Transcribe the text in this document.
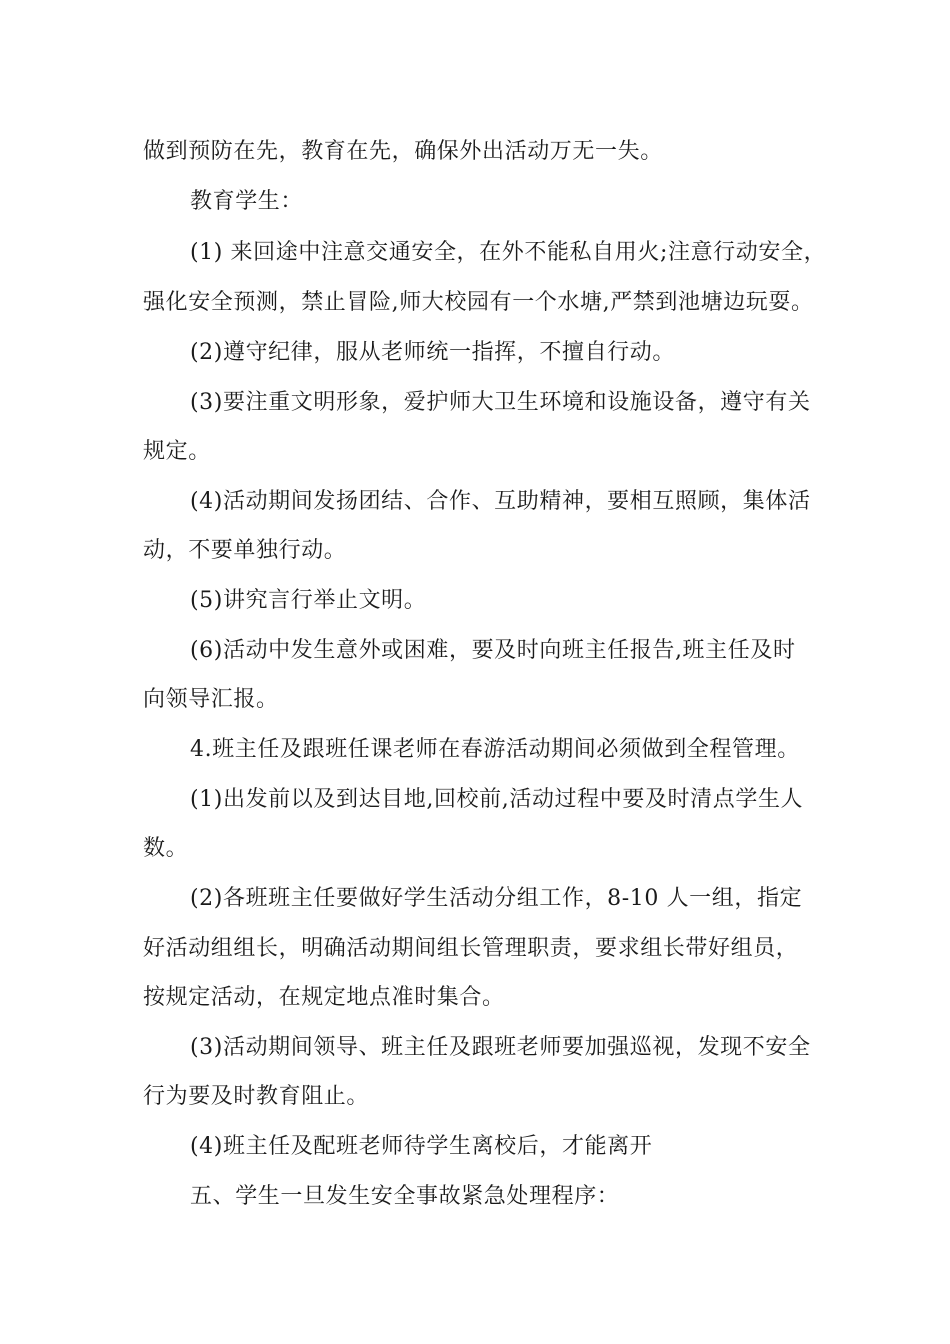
做到预防在先，教育在先，确保外出活动万无一失。
教育学生：
(1) 来回途中注意交通安全，在外不能私自用火;注意行动安全，
强化安全预测，禁止冒险,师大校园有一个水塘,严禁到池塘边玩耍。
(2)遵守纪律，服从老师统一指挥，不擅自行动。
(3)要注重文明形象，爱护师大卫生环境和设施设备，遵守有关
规定。
(4)活动期间发扬团结、合作、互助精神，要相互照顾，集体活
动，不要单独行动。
(5)讲究言行举止文明。
(6)活动中发生意外或困难，要及时向班主任报告,班主任及时
向领导汇报。
4.班主任及跟班任课老师在春游活动期间必须做到全程管理。
(1)出发前以及到达目地,回校前,活动过程中要及时清点学生人
数。
(2)各班班主任要做好学生活动分组工作，8-10 人一组，指定
好活动组组长，明确活动期间组长管理职责，要求组长带好组员，
按规定活动，在规定地点准时集合。
(3)活动期间领导、班主任及跟班老师要加强巡视，发现不安全
行为要及时教育阻止。
(4)班主任及配班老师待学生离校后，才能离开
五、学生一旦发生安全事故紧急处理程序：
